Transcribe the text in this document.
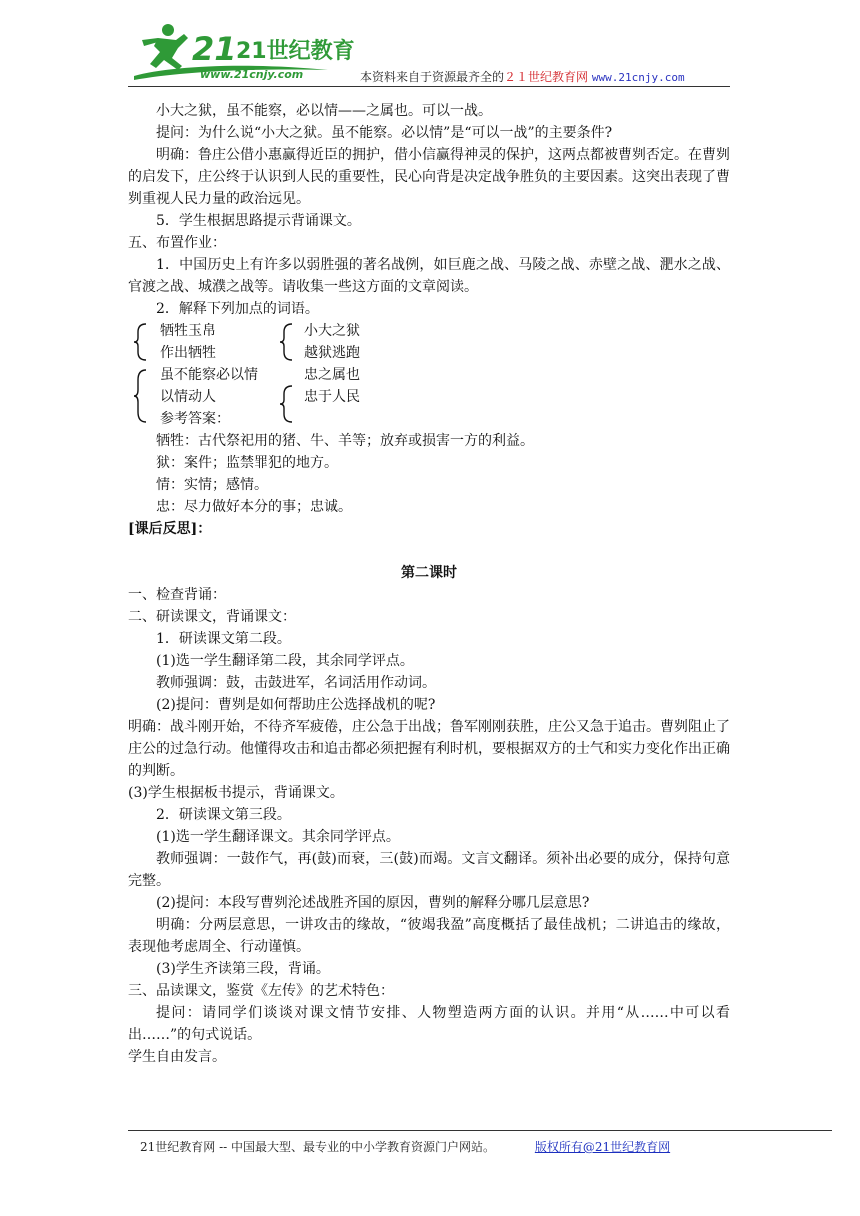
21 21世纪教育
www.21cnjy.com	本资料来自于资源最齐全的２１世纪教育网 www.21cnjy.com

小大之狱，虽不能察，必以情——之属也。可以一战。

提问：为什么说“小大之狱。虽不能察。必以情”是“可以一战”的主要条件?

明确：鲁庄公借小惠赢得近臣的拥护，借小信赢得神灵的保护，这两点都被曹刿否定。在曹刿的启发下，庄公终于认识到人民的重要性，民心向背是决定战争胜负的主要因素。这突出表现了曹刿重视人民力量的政治远见。

5．学生根据思路提示背诵课文。

五、布置作业：

1．中国历史上有许多以弱胜强的著名战例，如巨鹿之战、马陵之战、赤壁之战、淝水之战、官渡之战、城濮之战等。请收集一些这方面的文章阅读。

2．解释下列加点的词语。

牺牲玉帛
作出牺牲
小大之狱
越狱逃跑
虽不能察必以情
以情动人
参考答案：
忠之属也
忠于人民

牺牲：古代祭祀用的猪、牛、羊等；放弃或损害一方的利益。

狱：案件；监禁罪犯的地方。

情：实情；感情。

忠：尽力做好本分的事；忠诚。

[课后反思]：

第二课时

一、检查背诵：

二、研读课文，背诵课文：

1．研读课文第二段。

(1)选一学生翻译第二段，其余同学评点。

教师强调：鼓，击鼓进军，名词活用作动词。

(2)提问：曹刿是如何帮助庄公选择战机的呢?

明确：战斗刚开始，不待齐军疲倦，庄公急于出战；鲁军刚刚获胜，庄公又急于追击。曹刿阻止了庄公的过急行动。他懂得攻击和追击都必须把握有利时机，要根据双方的士气和实力变化作出正确的判断。

(3)学生根据板书提示，背诵课文。

2．研读课文第三段。

(1)选一学生翻译课文。其余同学评点。

教师强调：一鼓作气，再(鼓)而衰，三(鼓)而竭。文言文翻译。须补出必要的成分，保持句意完整。

(2)提问：本段写曹刿沦述战胜齐国的原因，曹刿的解释分哪几层意思?

明确：分两层意思，一讲攻击的缘故，“彼竭我盈”高度概括了最佳战机；二讲追击的缘故，表现他考虑周全、行动谨慎。

(3)学生齐读第三段，背诵。

三、品读课文，鉴赏《左传》的艺术特色：

提问：请同学们谈谈对课文情节安排、人物塑造两方面的认识。并用“从……中可以看出……”的句式说话。

学生自由发言。

21世纪教育网 -- 中国最大型、最专业的中小学教育资源门户网站。	版权所有@21世纪教育网
